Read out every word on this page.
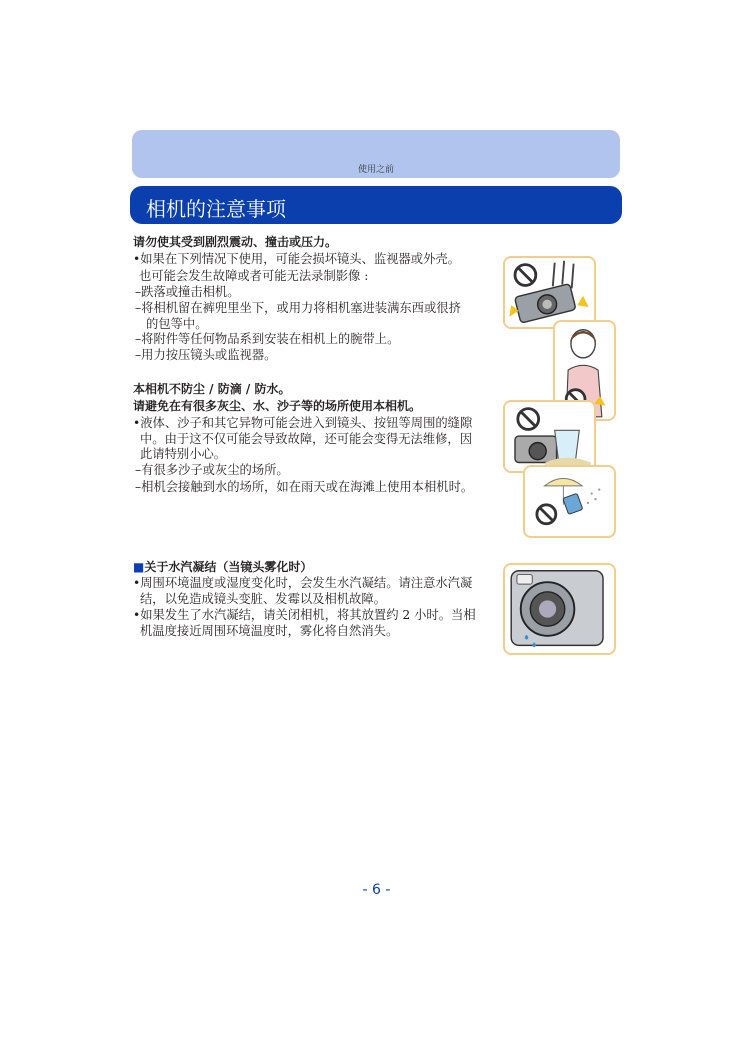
使用之前
相机的注意事项
请勿使其受到剧烈震动、撞击或压力。
•如果在下列情况下使用，可能会损坏镜头、监视器或外壳。
也可能会发生故障或者可能无法录制影像 :
–跌落或撞击相机。
–将相机留在裤兜里坐下，或用力将相机塞进装满东西或很挤
的包等中。
–将附件等任何物品系到安装在相机上的腕带上。
–用力按压镜头或监视器。
本相机不防尘 / 防滴 / 防水。
请避免在有很多灰尘、水、沙子等的场所使用本相机。
•液体、沙子和其它异物可能会进入到镜头、按钮等周围的缝隙
中。由于这不仅可能会导致故障，还可能会变得无法维修，因
此请特别小心。
–有很多沙子或灰尘的场所。
–相机会接触到水的场所，如在雨天或在海滩上使用本相机时。
■关于水汽凝结（当镜头雾化时）
•周围环境温度或湿度变化时，会发生水汽凝结。请注意水汽凝
结，以免造成镜头变脏、发霉以及相机故障。
•如果发生了水汽凝结，请关闭相机，将其放置约 2 小时。当相
机温度接近周围环境温度时，雾化将自然消失。
- 6 -
